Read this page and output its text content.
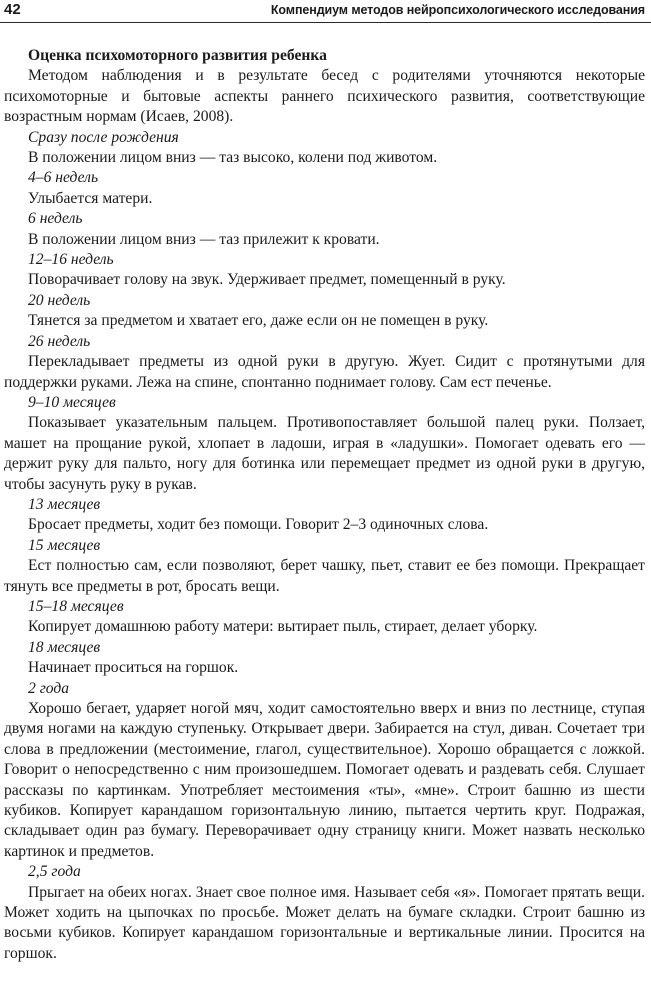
42	Компендиум методов нейропсихологического исследования

Оценка психомоторного развития ребенка

Методом наблюдения и в результате бесед с родителями уточняются некоторые психомоторные и бытовые аспекты раннего психического развития, соответствующие возрастным нормам (Исаев, 2008).

Сразу после рождения

В положении лицом вниз — таз высоко, колени под животом.

4–6 недель

Улыбается матери.

6 недель

В положении лицом вниз — таз прилежит к кровати.

12–16 недель

Поворачивает голову на звук. Удерживает предмет, помещенный в руку.

20 недель

Тянется за предметом и хватает его, даже если он не помещен в руку.

26 недель

Перекладывает предметы из одной руки в другую. Жует. Сидит с протянутыми для поддержки руками. Лежа на спине, спонтанно поднимает голову. Сам ест печенье.

9–10 месяцев

Показывает указательным пальцем. Противопоставляет большой палец руки. Ползает, машет на прощание рукой, хлопает в ладоши, играя в «ладушки». Помогает одевать его — держит руку для пальто, ногу для ботинка или перемещает предмет из одной руки в другую, чтобы засунуть руку в рукав.

13 месяцев

Бросает предметы, ходит без помощи. Говорит 2–3 одиночных слова.

15 месяцев

Ест полностью сам, если позволяют, берет чашку, пьет, ставит ее без помощи. Прекращает тянуть все предметы в рот, бросать вещи.

15–18 месяцев

Копирует домашнюю работу матери: вытирает пыль, стирает, делает уборку.

18 месяцев

Начинает проситься на горшок.

2 года

Хорошо бегает, ударяет ногой мяч, ходит самостоятельно вверх и вниз по лестнице, ступая двумя ногами на каждую ступеньку. Открывает двери. Забирается на стул, диван. Сочетает три слова в предложении (местоимение, глагол, существительное). Хорошо обращается с ложкой. Говорит о непосредственно с ним произошедшем. Помогает одевать и раздевать себя. Слушает рассказы по картинкам. Употребляет местоимения «ты», «мне». Строит башню из шести кубиков. Копирует карандашом горизонтальную линию, пытается чертить круг. Подражая, складывает один раз бумагу. Переворачивает одну страницу книги. Может назвать несколько картинок и предметов.

2,5 года

Прыгает на обеих ногах. Знает свое полное имя. Называет себя «я». Помогает прятать вещи. Может ходить на цыпочках по просьбе. Может делать на бумаге складки. Строит башню из восьми кубиков. Копирует карандашом горизонтальные и вертикальные линии. Просится на горшок.
